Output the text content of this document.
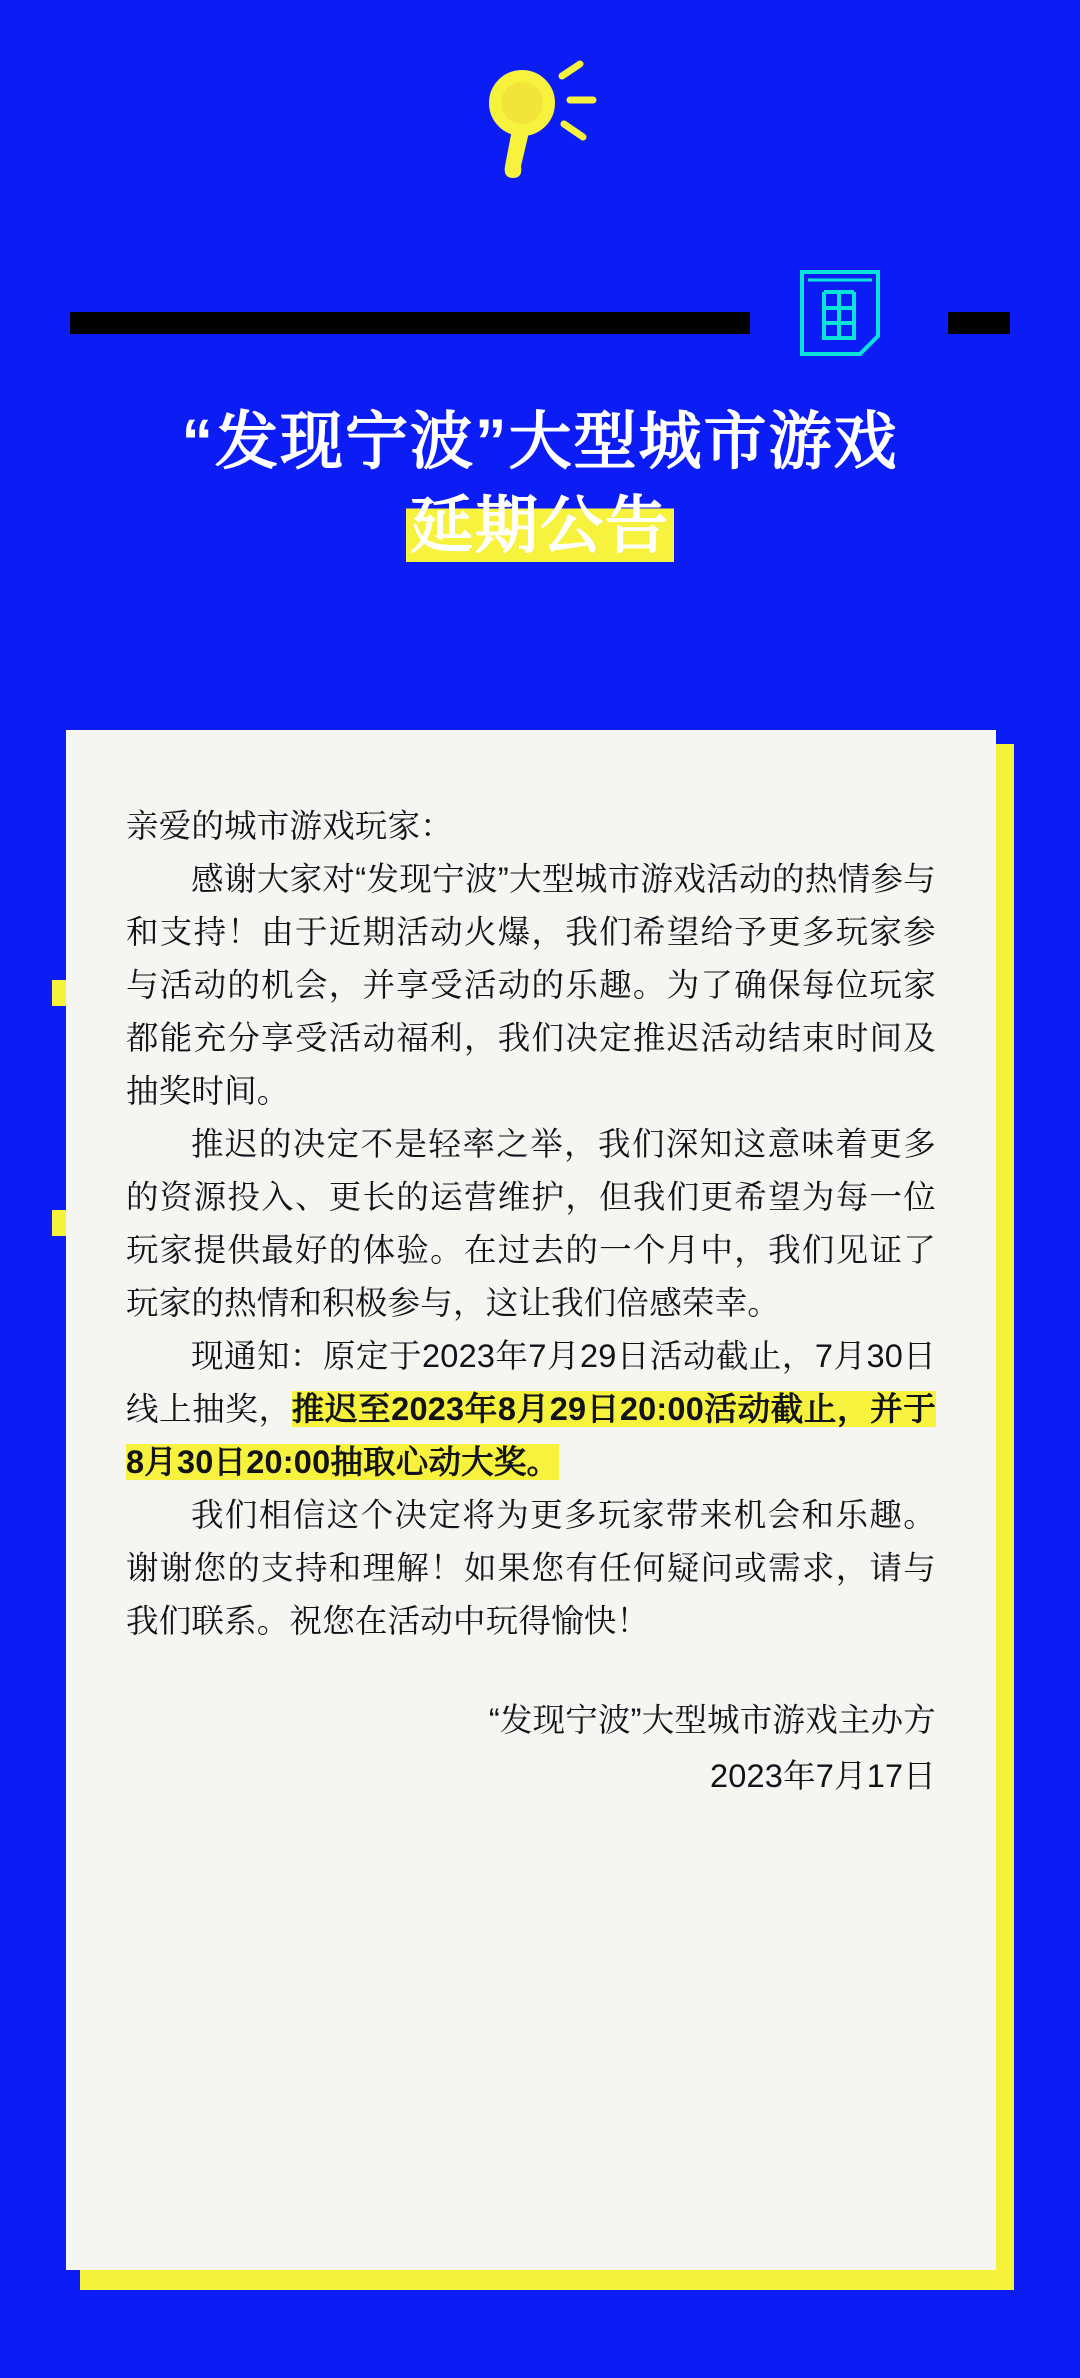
“发现宁波”大型城市游戏
延期公告

亲爱的城市游戏玩家：

感谢大家对“发现宁波”大型城市游戏活动的热情参与和支持！由于近期活动火爆，我们希望给予更多玩家参与活动的机会，并享受活动的乐趣。为了确保每位玩家都能充分享受活动福利，我们决定推迟活动结束时间及抽奖时间。

推迟的决定不是轻率之举，我们深知这意味着更多的资源投入、更长的运营维护，但我们更希望为每一位玩家提供最好的体验。在过去的一个月中，我们见证了玩家的热情和积极参与，这让我们倍感荣幸。

现通知：原定于2023年7月29日活动截止，7月30日线上抽奖，推迟至2023年8月29日20:00活动截止，并于8月30日20:00抽取心动大奖。

我们相信这个决定将为更多玩家带来机会和乐趣。谢谢您的支持和理解！如果您有任何疑问或需求，请与我们联系。祝您在活动中玩得愉快！

“发现宁波”大型城市游戏主办方

2023年7月17日
